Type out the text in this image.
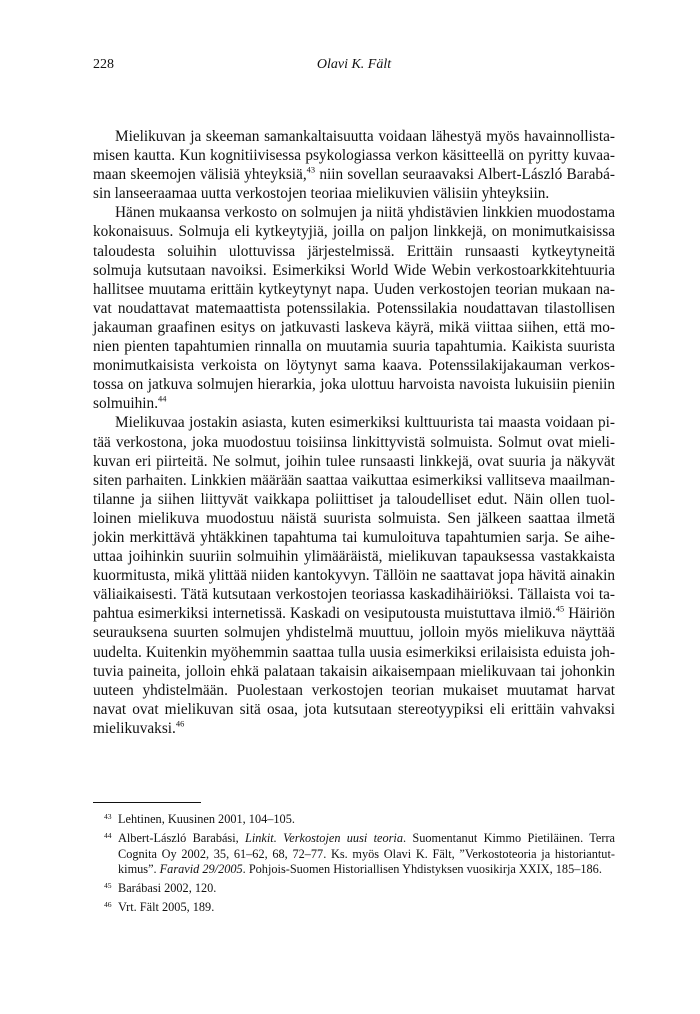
228	Olavi K. Fält

Mielikuvan ja skeeman samankaltaisuutta voidaan lähestyä myös havainnollistamisen kautta. Kun kognitiivisessa psykologiassa verkon käsitteellä on pyritty kuvaamaan skeemojen välisiä yhteyksiä,$^{43}$ niin sovellan seuraavaksi Albert-László Barabásin lanseeraamaa uutta verkostojen teoriaa mielikuvien välisiin yhteyksiin.

Hänen mukaansa verkosto on solmujen ja niitä yhdistävien linkkien muodostama kokonaisuus. Solmuja eli kytkeytyjiä, joilla on paljon linkkejä, on monimutkaisissa taloudesta soluihin ulottuvissa järjestelmissä. Erittäin runsaasti kytkeytyneitä solmuja kutsutaan navoiksi. Esimerkiksi World Wide Webin verkostoarkkitehtuuria hallitsee muutama erittäin kytkeytynyt napa. Uuden verkostojen teorian mukaan navat noudattavat matemaattista potenssilakia. Potenssilakia noudattavan tilastollisen jakauman graafinen esitys on jatkuvasti laskeva käyrä, mikä viittaa siihen, että monien pienten tapahtumien rinnalla on muutamia suuria tapahtumia. Kaikista suurista monimutkaisista verkoista on löytynyt sama kaava. Potenssilakijakauman verkostossa on jatkuva solmujen hierarkia, joka ulottuu harvoista navoista lukuisiin pieniin solmuihin.$^{44}$

Mielikuvaa jostakin asiasta, kuten esimerkiksi kulttuurista tai maasta voidaan pitää verkostona, joka muodostuu toisiinsa linkittyvistä solmuista. Solmut ovat mielikuvan eri piirteitä. Ne solmut, joihin tulee runsaasti linkkejä, ovat suuria ja näkyvät siten parhaiten. Linkkien määrään saattaa vaikuttaa esimerkiksi vallitseva maailmantilanne ja siihen liittyvät vaikkapa poliittiset ja taloudelliset edut. Näin ollen tuolloinen mielikuva muodostuu näistä suurista solmuista. Sen jälkeen saattaa ilmetä jokin merkittävä yhtäkkinen tapahtuma tai kumuloituva tapahtumien sarja. Se aiheuttaa joihinkin suuriin solmuihin ylimääräistä, mielikuvan tapauksessa vastakkaista kuormitusta, mikä ylittää niiden kantokyvyn. Tällöin ne saattavat jopa hävitä ainakin väliaikaisesti. Tätä kutsutaan verkostojen teoriassa kaskadihäiriöksi. Tällaista voi tapahtua esimerkiksi internetissä. Kaskadi on vesiputousta muistuttava ilmiö.$^{45}$ Häiriön seurauksena suurten solmujen yhdistelmä muuttuu, jolloin myös mielikuva näyttää uudelta. Kuitenkin myöhemmin saattaa tulla uusia esimerkiksi erilaisista eduista johtuvia paineita, jolloin ehkä palataan takaisin aikaisempaan mielikuvaan tai johonkin uuteen yhdistelmään. Puolestaan verkostojen teorian mukaiset muutamat harvat navat ovat mielikuvan sitä osaa, jota kutsutaan stereotyypiksi eli erittäin vahvaksi mielikuvaksi.$^{46}$

43 Lehtinen, Kuusinen 2001, 104–105.
44 Albert-László Barabási, Linkit. Verkostojen uusi teoria. Suomentanut Kimmo Pietiläinen. Terra Cognita Oy 2002, 35, 61–62, 68, 72–77. Ks. myös Olavi K. Fält, ”Verkostoteoria ja historiantutkimus”. Faravid 29/2005. Pohjois-Suomen Historiallisen Yhdistyksen vuosikirja XXIX, 185–186.
45 Barábasi 2002, 120.
46 Vrt. Fält 2005, 189.
